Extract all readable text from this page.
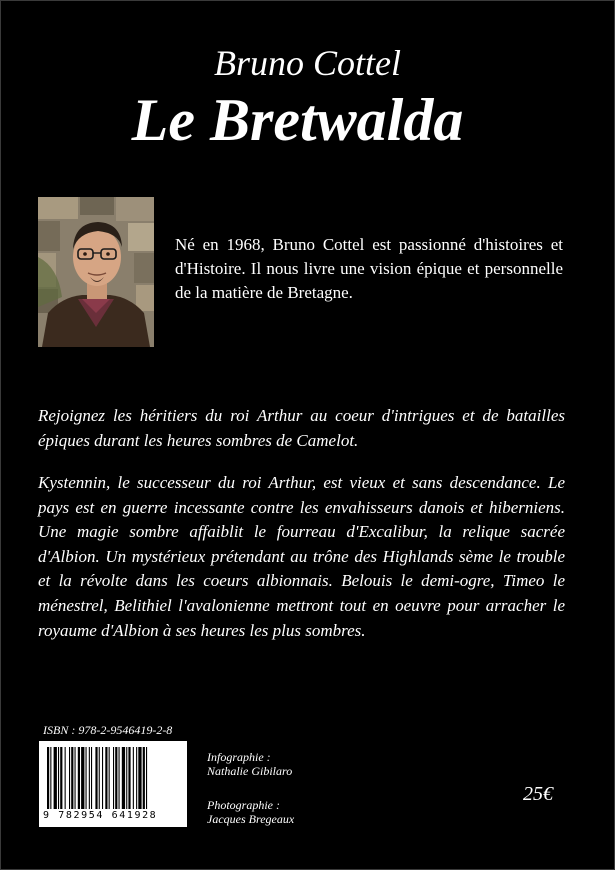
Bruno Cottel
Le Bretwalda
Né en 1968, Bruno Cottel est passionné d'histoires et d'Histoire. Il nous livre une vision épique et personnelle de la matière de Bretagne.
Rejoignez les héritiers du roi Arthur au coeur d'intrigues et de batailles épiques durant les heures sombres de Camelot.
Kystennin, le successeur du roi Arthur, est vieux et sans descendance. Le pays est en guerre incessante contre les envahisseurs danois et hiberniens. Une magie sombre affaiblit le fourreau d'Excalibur, la relique sacrée d'Albion. Un mystérieux prétendant au trône des Highlands sème le trouble et la révolte dans les coeurs albionnais. Belouis le demi-ogre, Timeo le ménestrel, Belithiel l'avalonienne mettront tout en oeuvre pour arracher le royaume d'Albion à ses heures les plus sombres.
ISBN : 978-2-9546419-2-8
9 782954 641928
Infographie :
Nathalie Gibilaro
Photographie :
Jacques Bregeaux
25€
